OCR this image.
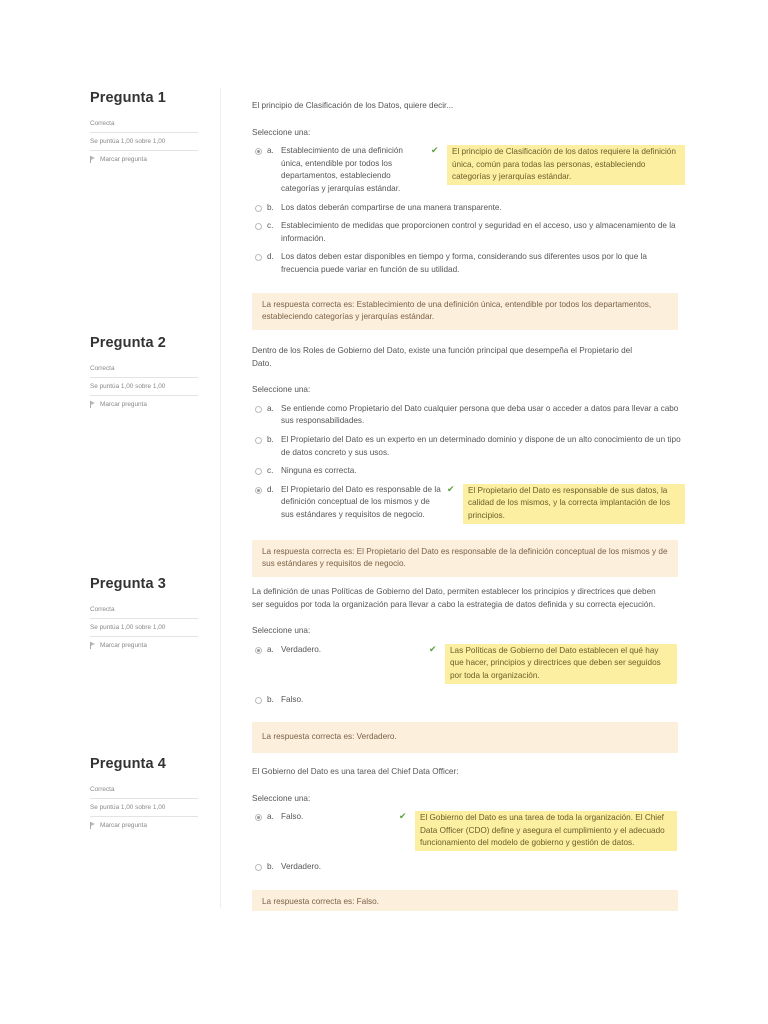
Pregunta 1
Correcta
Se puntúa 1,00 sobre 1,00
Marcar pregunta

El principio de Clasificación de los Datos, quiere decir...

Seleccione una:
a. Establecimiento de una definición única, entendible por todos los departamentos, estableciendo categorías y jerarquías estándar.
✔	El principio de Clasificación de los datos requiere la definición única, común para todas las personas, estableciendo categorías y jerarquías estándar.
b. Los datos deberán compartirse de una manera transparente.
c. Establecimiento de medidas que proporcionen control y seguridad en el acceso, uso y almacenamiento de la información.
d. Los datos deben estar disponibles en tiempo y forma, considerando sus diferentes usos por lo que la frecuencia puede variar en función de su utilidad.
La respuesta correcta es: Establecimiento de una definición única, entendible por todos los departamentos, estableciendo categorías y jerarquías estándar.
Pregunta 2
Correcta
Se puntúa 1,00 sobre 1,00
Marcar pregunta

Dentro de los Roles de Gobierno del Dato, existe una función principal que desempeña el Propietario del Dato.

Seleccione una:
a. Se entiende como Propietario del Dato cualquier persona que deba usar o acceder a datos para llevar a cabo sus responsabilidades.
b. El Propietario del Dato es un experto en un determinado dominio y dispone de un alto conocimiento de un tipo de datos concreto y sus usos.
c. Ninguna es correcta.
d. El Propietario del Dato es responsable de la definición conceptual de los mismos y de sus estándares y requisitos de negocio.
✔	El Propietario del Dato es responsable de sus datos, la calidad de los mismos, y la correcta implantación de los principios.
La respuesta correcta es: El Propietario del Dato es responsable de la definición conceptual de los mismos y de sus estándares y requisitos de negocio.
Pregunta 3
Correcta
Se puntúa 1,00 sobre 1,00
Marcar pregunta

La definición de unas Políticas de Gobierno del Dato, permiten establecer los principios y directrices que deben ser seguidos por toda la organización para llevar a cabo la estrategia de datos definida y su correcta ejecución.

Seleccione una:
a. Verdadero.	✔	Las Políticas de Gobierno del Dato establecen el qué hay que hacer, principios y directrices que deben ser seguidos por toda la organización.
b. Falso.
La respuesta correcta es: Verdadero.
Pregunta 4
Correcta
Se puntúa 1,00 sobre 1,00
Marcar pregunta

El Gobierno del Dato es una tarea del Chief Data Officer:

Seleccione una:
a. Falso.	✔	El Gobierno del Dato es una tarea de toda la organización. El Chief Data Officer (CDO) define y asegura el cumplimiento y el adecuado funcionamiento del modelo de gobierno y gestión de datos.
b. Verdadero.
La respuesta correcta es: Falso.
